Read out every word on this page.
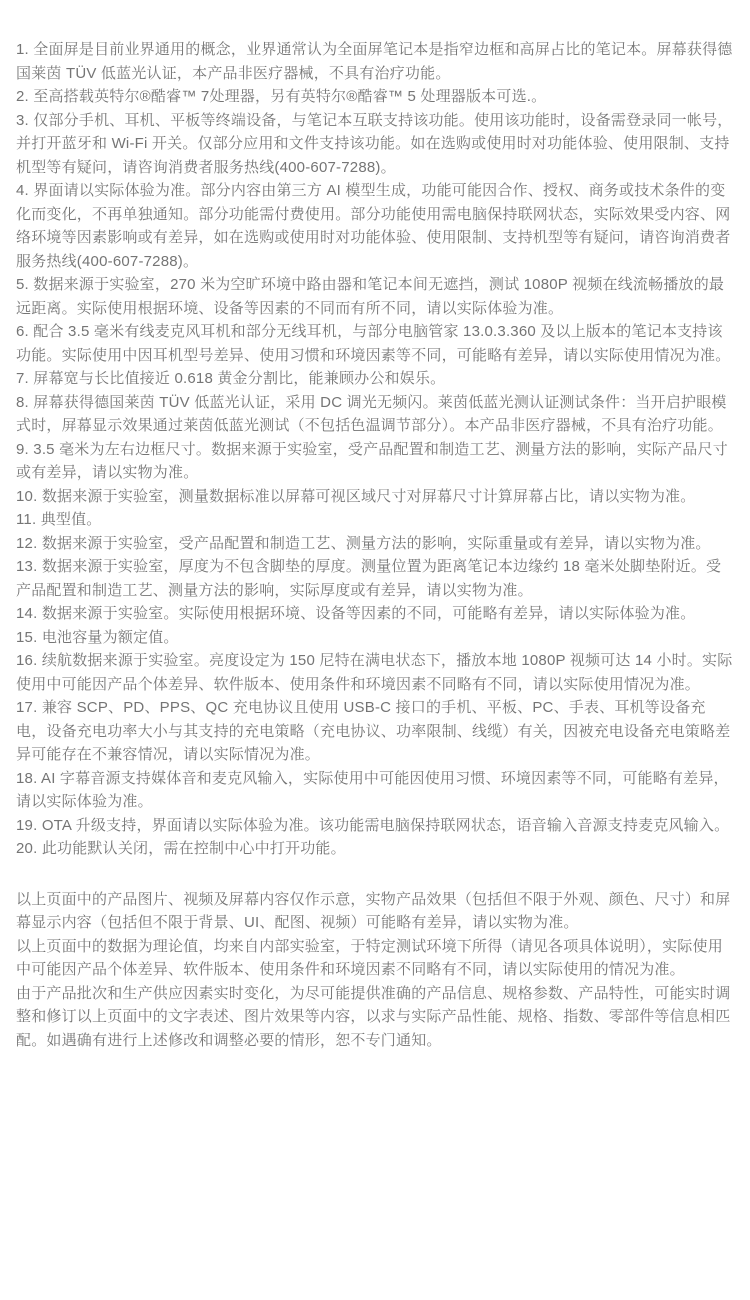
1. 全面屏是目前业界通用的概念，业界通常认为全面屏笔记本是指窄边框和高屏占比的笔记本。屏幕获得德国莱茵 TÜV 低蓝光认证，本产品非医疗器械，不具有治疗功能。

2. 至高搭载英特尔®酷睿™ 7处理器，另有英特尔®酷睿™ 5 处理器版本可选.。

3. 仅部分手机、耳机、平板等终端设备，与笔记本互联支持该功能。使用该功能时，设备需登录同一帐号，并打开蓝牙和 Wi-Fi 开关。仅部分应用和文件支持该功能。如在选购或使用时对功能体验、使用限制、支持机型等有疑问，请咨询消费者服务热线(400-607-7288)。

4. 界面请以实际体验为准。部分内容由第三方 AI 模型生成，功能可能因合作、授权、商务或技术条件的变化而变化，不再单独通知。部分功能需付费使用。部分功能使用需电脑保持联网状态，实际效果受内容、网络环境等因素影响或有差异，如在选购或使用时对功能体验、使用限制、支持机型等有疑问，请咨询消费者服务热线(400-607-7288)。

5. 数据来源于实验室，270 米为空旷环境中路由器和笔记本间无遮挡，测试 1080P 视频在线流畅播放的最远距离。实际使用根据环境、设备等因素的不同而有所不同，请以实际体验为准。

6. 配合 3.5 毫米有线麦克风耳机和部分无线耳机，与部分电脑管家 13.0.3.360 及以上版本的笔记本支持该功能。实际使用中因耳机型号差异、使用习惯和环境因素等不同，可能略有差异，请以实际使用情况为准。

7. 屏幕宽与长比值接近 0.618 黄金分割比，能兼顾办公和娱乐。

8. 屏幕获得德国莱茵 TÜV 低蓝光认证，采用 DC 调光无频闪。莱茵低蓝光测认证测试条件：当开启护眼模式时，屏幕显示效果通过莱茵低蓝光测试（不包括色温调节部分）。本产品非医疗器械，不具有治疗功能。

9. 3.5 毫米为左右边框尺寸。数据来源于实验室，受产品配置和制造工艺、测量方法的影响，实际产品尺寸或有差异，请以实物为准。

10. 数据来源于实验室，测量数据标准以屏幕可视区域尺寸对屏幕尺寸计算屏幕占比，请以实物为准。

11. 典型值。

12. 数据来源于实验室，受产品配置和制造工艺、测量方法的影响，实际重量或有差异，请以实物为准。

13. 数据来源于实验室，厚度为不包含脚垫的厚度。测量位置为距离笔记本边缘约 18 毫米处脚垫附近。受产品配置和制造工艺、测量方法的影响，实际厚度或有差异，请以实物为准。

14. 数据来源于实验室。实际使用根据环境、设备等因素的不同，可能略有差异，请以实际体验为准。

15. 电池容量为额定值。

16. 续航数据来源于实验室。亮度设定为 150 尼特在满电状态下，播放本地 1080P 视频可达 14 小时。实际使用中可能因产品个体差异、软件版本、使用条件和环境因素不同略有不同，请以实际使用情况为准。

17. 兼容 SCP、PD、PPS、QC 充电协议且使用 USB-C 接口的手机、平板、PC、手表、耳机等设备充电，设备充电功率大小与其支持的充电策略（充电协议、功率限制、线缆）有关，因被充电设备充电策略差异可能存在不兼容情况，请以实际情况为准。

18. AI 字幕音源支持媒体音和麦克风输入，实际使用中可能因使用习惯、环境因素等不同，可能略有差异，请以实际体验为准。

19. OTA 升级支持，界面请以实际体验为准。该功能需电脑保持联网状态，语音输入音源支持麦克风输入。

20. 此功能默认关闭，需在控制中心中打开功能。

以上页面中的产品图片、视频及屏幕内容仅作示意，实物产品效果（包括但不限于外观、颜色、尺寸）和屏幕显示内容（包括但不限于背景、UI、配图、视频）可能略有差异，请以实物为准。

以上页面中的数据为理论值，均来自内部实验室，于特定测试环境下所得（请见各项具体说明），实际使用中可能因产品个体差异、软件版本、使用条件和环境因素不同略有不同，请以实际使用的情况为准。

由于产品批次和生产供应因素实时变化，为尽可能提供准确的产品信息、规格参数、产品特性，可能实时调整和修订以上页面中的文字表述、图片效果等内容，以求与实际产品性能、规格、指数、零部件等信息相匹配。如遇确有进行上述修改和调整必要的情形，恕不专门通知。
